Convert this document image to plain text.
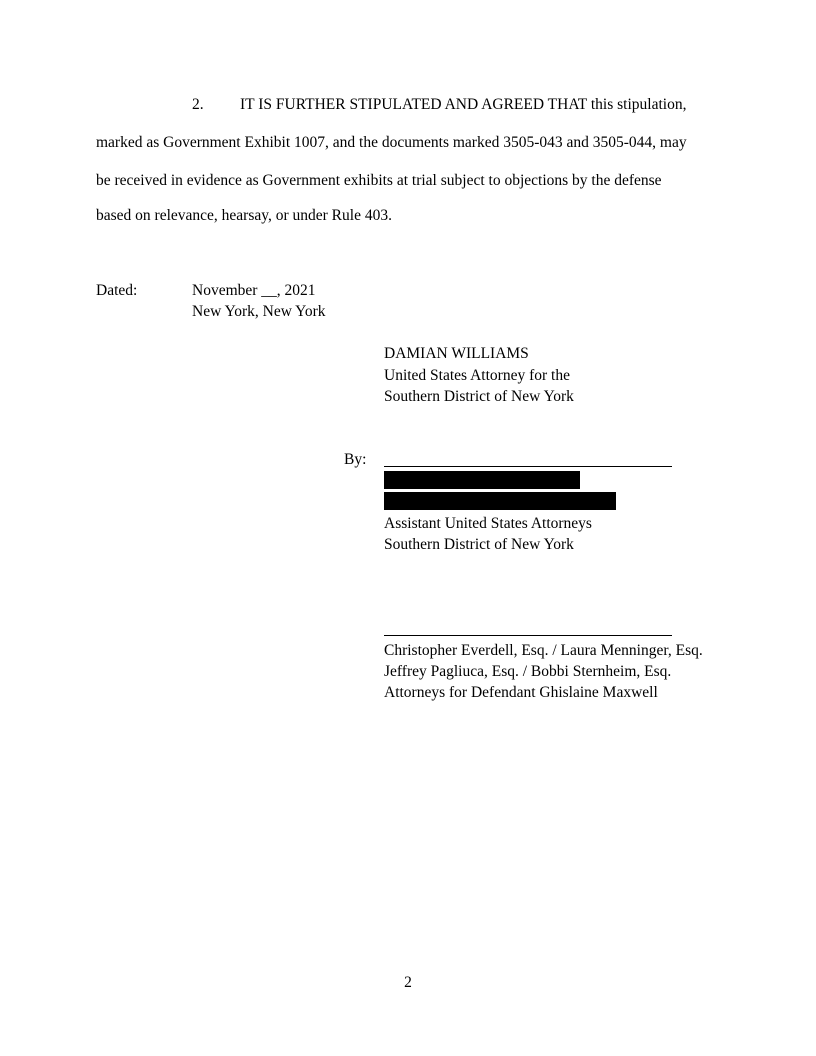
2. IT IS FURTHER STIPULATED AND AGREED THAT this stipulation,
marked as Government Exhibit 1007, and the documents marked 3505-043 and 3505-044, may
be received in evidence as Government exhibits at trial subject to objections by the defense
based on relevance, hearsay, or under Rule 403.
Dated:	November __, 2021
New York, New York
DAMIAN WILLIAMS
United States Attorney for the
Southern District of New York
By:
Assistant United States Attorneys
Southern District of New York
Christopher Everdell, Esq. / Laura Menninger, Esq.
Jeffrey Pagliuca, Esq. / Bobbi Sternheim, Esq.
Attorneys for Defendant Ghislaine Maxwell
2
